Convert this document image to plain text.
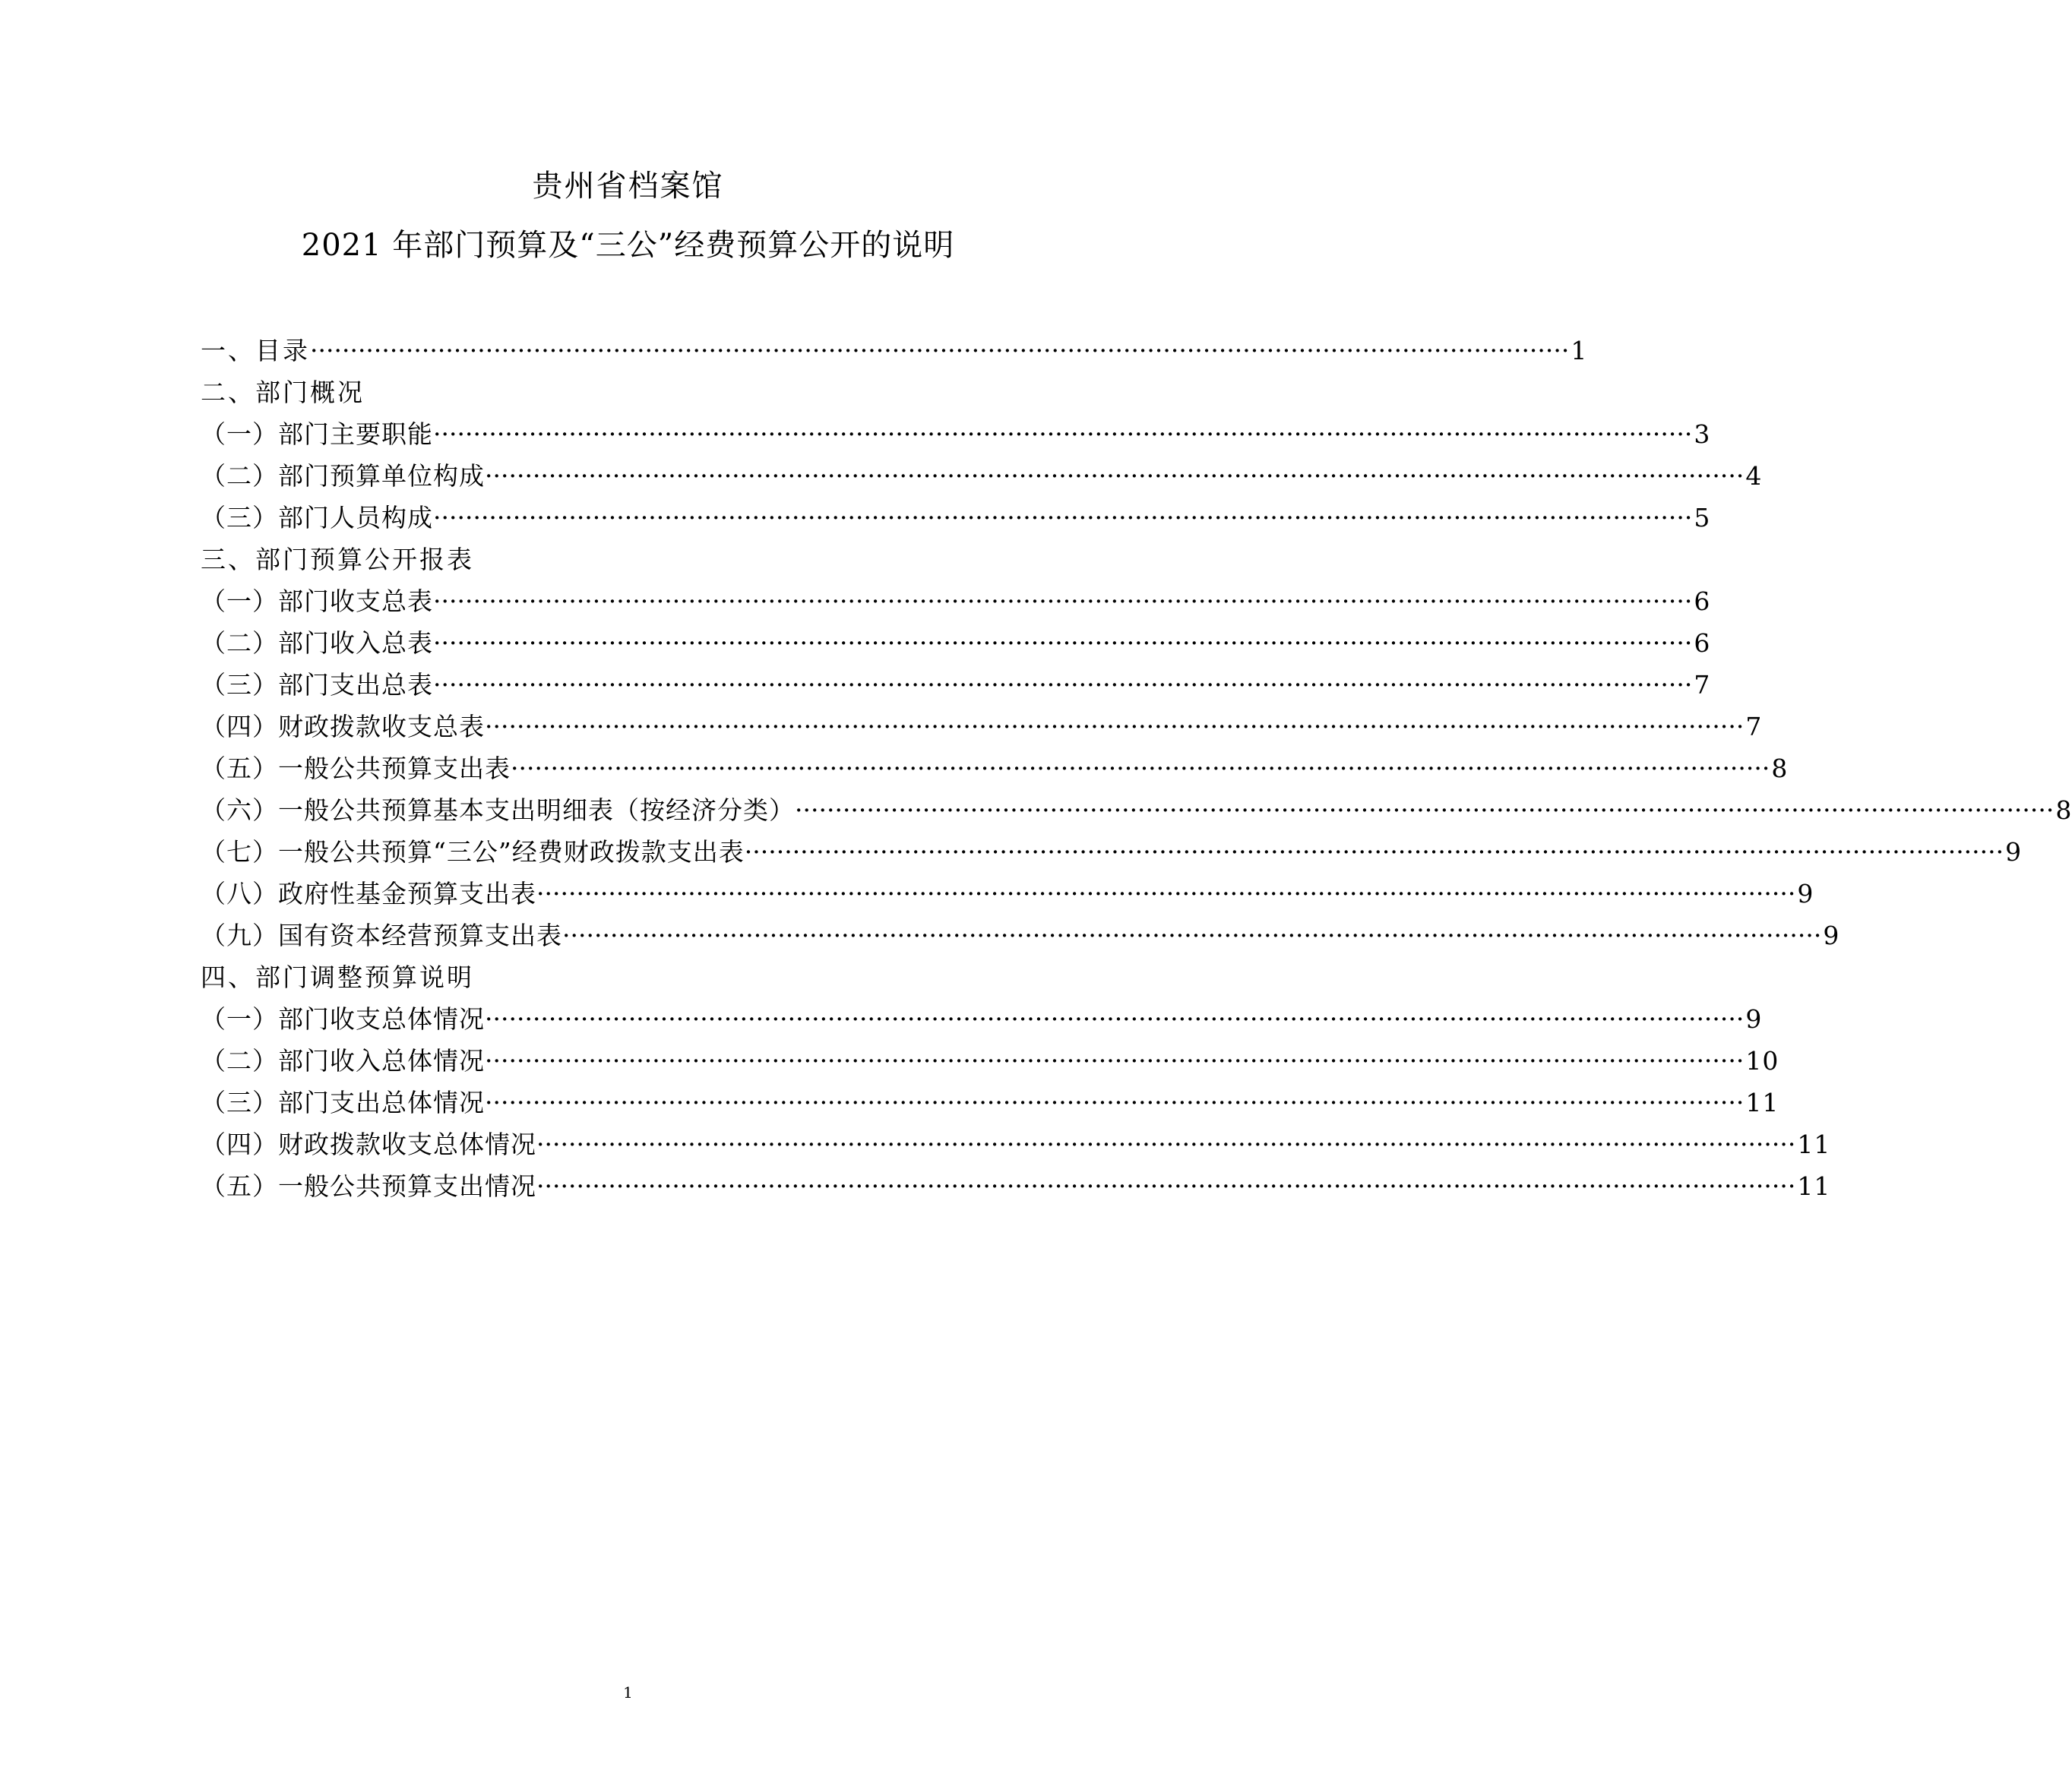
贵州省档案馆
2021 年部门预算及“三公”经费预算公开的说明
一、目录 ·····	1
二、部门概况
（一）部门主要职能 ·····	3
（二）部门预算单位构成 ·····	4
（三）部门人员构成 ·····	5
三、部门预算公开报表
（一）部门收支总表 ·····	6
（二）部门收入总表 ·····	6
（三）部门支出总表 ·····	7
（四）财政拨款收支总表 ·····	7
（五）一般公共预算支出表 ·····	8
（六）一般公共预算基本支出明细表（按经济分类） ·····	8
（七）一般公共预算“三公”经费财政拨款支出表 ·····	9
（八）政府性基金预算支出表 ·····	9
（九）国有资本经营预算支出表 ·····	9
四、部门调整预算说明
（一）部门收支总体情况 ·····	9
（二）部门收入总体情况 ·····	10
（三）部门支出总体情况 ·····	11
（四）财政拨款收支总体情况 ·····	11
（五）一般公共预算支出情况 ·····	11
1
